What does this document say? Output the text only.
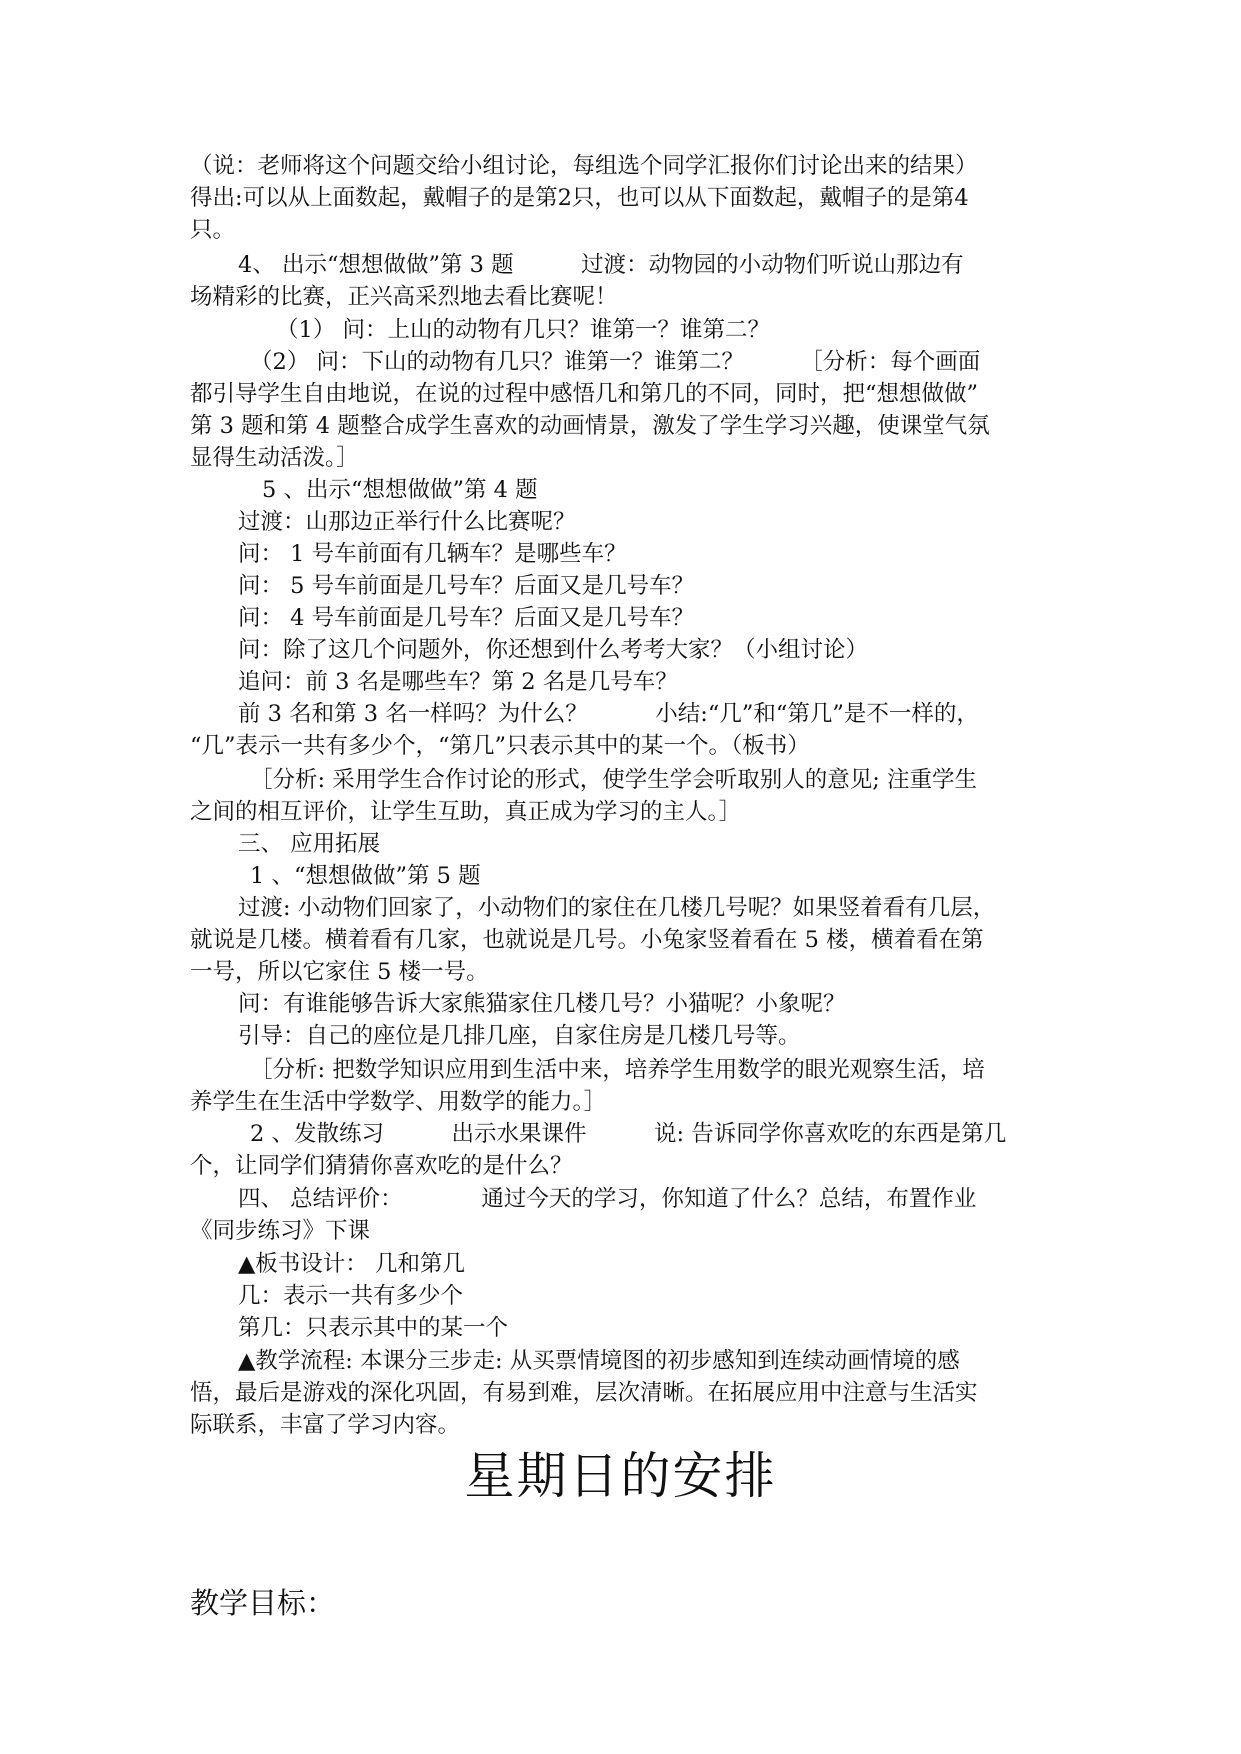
（说：老师将这个问题交给小组讨论，每组选个同学汇报你们讨论出来的结果）
得出:可以从上面数起，戴帽子的是第2只，也可以从下面数起，戴帽子的是第4
只。
4、 出示“想想做做”第 3 题　　　过渡：动物园的小动物们听说山那边有
场精彩的比赛，正兴高采烈地去看比赛呢！
（1） 问：上山的动物有几只？谁第一？谁第二？
（2） 问：下山的动物有几只？谁第一？谁第二？　　　［分析：每个画面
都引导学生自由地说，在说的过程中感悟几和第几的不同，同时，把“想想做做”
第 3 题和第 4 题整合成学生喜欢的动画情景，激发了学生学习兴趣，使课堂气氛
显得生动活泼。］
5 、出示“想想做做”第 4 题
过渡：山那边正举行什么比赛呢？
问： 1 号车前面有几辆车？是哪些车？
问： 5 号车前面是几号车？后面又是几号车？
问： 4 号车前面是几号车？后面又是几号车？
问：除了这几个问题外，你还想到什么考考大家？（小组讨论）
追问：前 3 名是哪些车？第 2 名是几号车？
前 3 名和第 3 名一样吗？为什么？　　　小结:“几”和“第几”是不一样的，
“几”表示一共有多少个，“第几”只表示其中的某一个。（板书）
［分析: 采用学生合作讨论的形式，使学生学会听取别人的意见; 注重学生
之间的相互评价，让学生互助，真正成为学习的主人。］
三、 应用拓展
1 、“想想做做”第 5 题
过渡: 小动物们回家了，小动物们的家住在几楼几号呢？如果竖着看有几层，
就说是几楼。横着看有几家，也就说是几号。小兔家竖着看在 5 楼，横着看在第
一号，所以它家住 5 楼一号。
问：有谁能够告诉大家熊猫家住几楼几号？小猫呢？小象呢？
引导：自己的座位是几排几座，自家住房是几楼几号等。
［分析: 把数学知识应用到生活中来，培养学生用数学的眼光观察生活，培
养学生在生活中学数学、用数学的能力。］
2 、发散练习　　　出示水果课件　　　说: 告诉同学你喜欢吃的东西是第几
个，让同学们猜猜你喜欢吃的是什么？
四、 总结评价：　　　　通过今天的学习，你知道了什么？总结，布置作业
《同步练习》下课
▲板书设计： 几和第几
几：表示一共有多少个
第几：只表示其中的某一个
▲教学流程: 本课分三步走: 从买票情境图的初步感知到连续动画情境的感
悟，最后是游戏的深化巩固，有易到难，层次清晰。在拓展应用中注意与生活实
际联系，丰富了学习内容。
星期日的安排
教学目标：
